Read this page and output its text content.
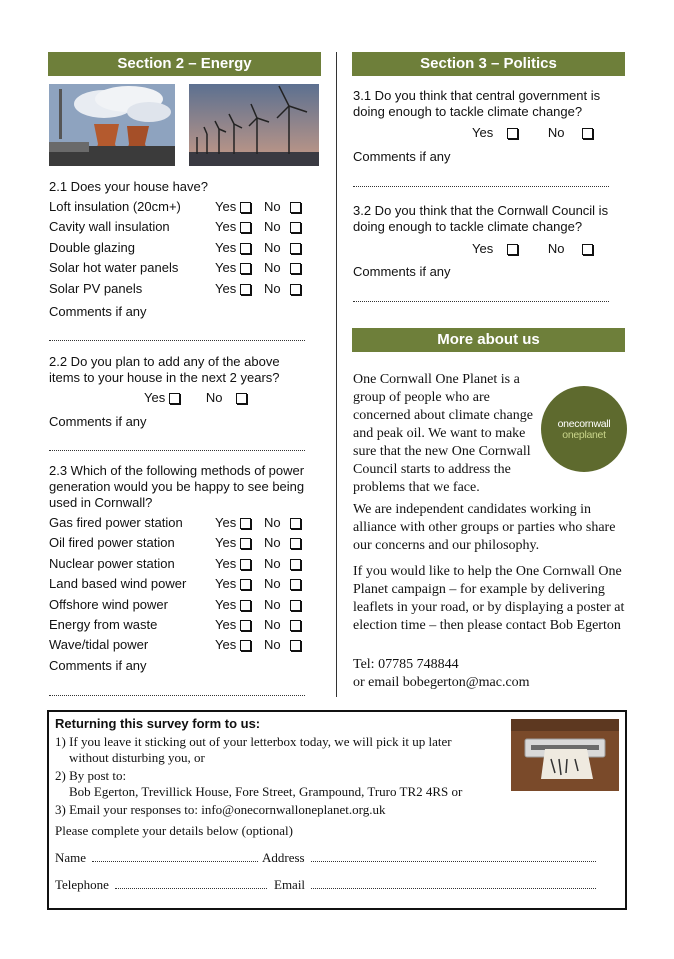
Section 2 – Energy
2.1 Does your house have?
Loft insulation (20cm+)	Yes	No
Cavity wall insulation	Yes	No
Double glazing	Yes	No
Solar hot water panels	Yes	No
Solar PV panels	Yes	No
Comments if any
2.2 Do you plan to add any of the above items to your house in the next 2 years?
Yes	No
Comments if any
2.3 Which of the following methods of power generation would you be happy to see being used in Cornwall?
Gas fired power station Yes	No
Oil fired power station	Yes	No
Nuclear power station	Yes	No
Land based wind power Yes	No
Offshore wind power	Yes	No
Energy from waste	Yes	No
Wave/tidal power	Yes	No
Comments if any
Section 3 – Politics
3.1 Do you think that central government is doing enough to tackle climate change?
Yes	No
Comments if any
3.2 Do you think that the Cornwall Council is doing enough to tackle climate change?
Yes	No
Comments if any
More about us
One Cornwall One Planet is a group of people who are concerned about climate change and peak oil. We want to make sure that the new One Cornwall Council starts to address the problems that we face.
onecornwall
oneplanet
We are independent candidates working in alliance with other groups or parties who share our concerns and our philosophy.
If you would like to help the One Cornwall One Planet campaign – for example by delivering leaflets in your road, or by displaying a poster at election time – then please contact Bob Egerton
Tel: 07785 748844
or email bobegerton@mac.com
Returning this survey form to us:
1) If you leave it sticking out of your letterbox today, we will pick it up later
without disturbing you, or
2) By post to:
Bob Egerton, Trevillick House, Fore Street, Grampound, Truro TR2 4RS or
3) Email your responses to: info@onecornwalloneplanet.org.uk
Please complete your details below (optional)
Name	Address
Telephone	Email
